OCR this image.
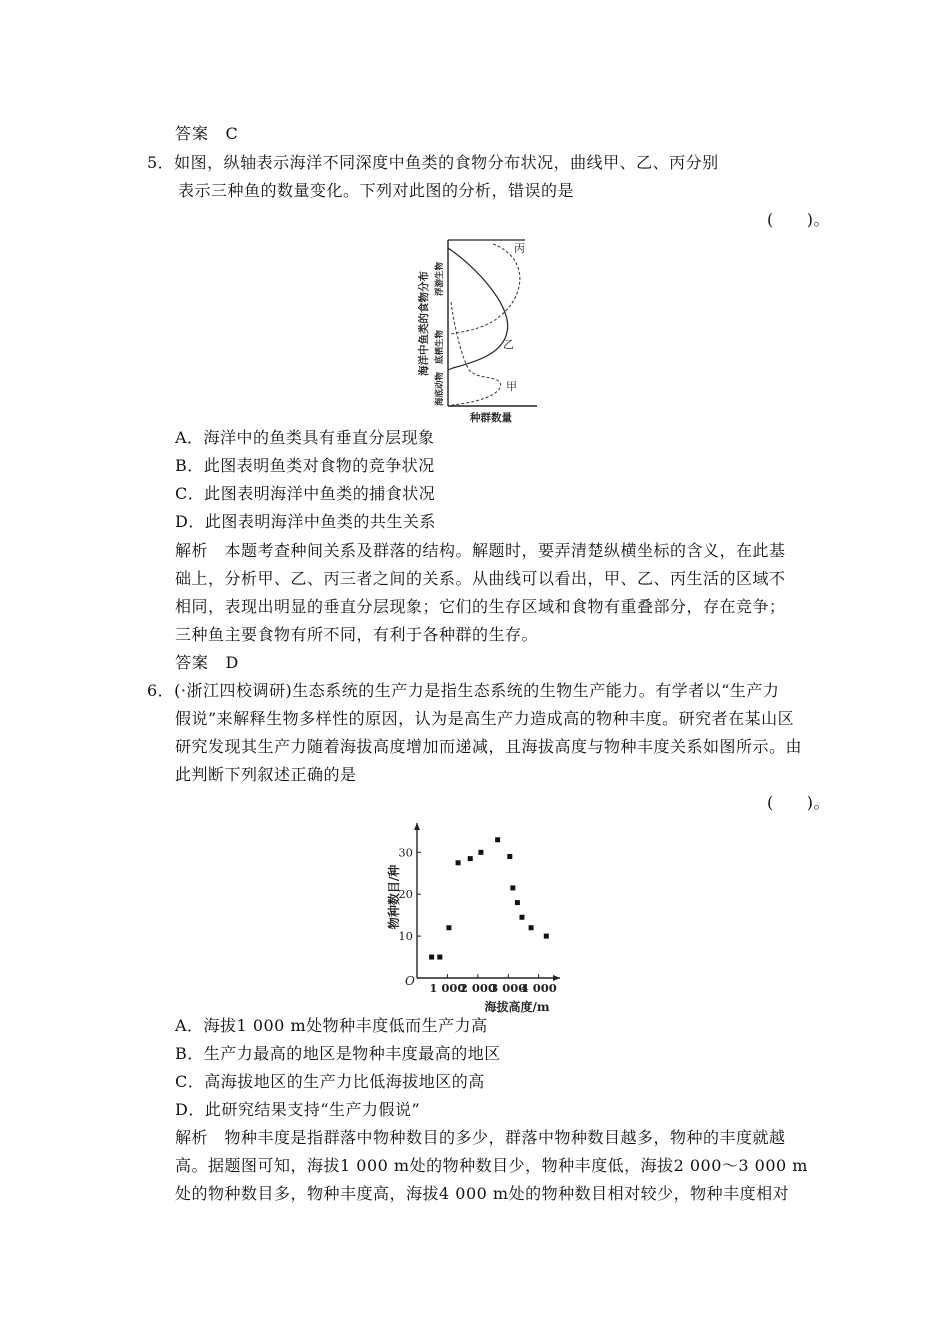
答案　 C
5．如图，纵轴表示海洋不同深度中鱼类的食物分布状况，曲线甲、乙、丙分别
表示三种鱼的数量变化。下列对此图的分析，错误的是
(　　)。
海洋中鱼类的食物分布 浮游生物
底栖生物
海底动物
丙
乙
甲
种群数量
A．海洋中的鱼类具有垂直分层现象
B．此图表明鱼类对食物的竞争状况
C．此图表明海洋中鱼类的捕食状况
D．此图表明海洋中鱼类的共生关系
解析　本题考查种间关系及群落的结构。解题时，要弄清楚纵横坐标的含义，在此基
础上，分析甲、乙、丙三者之间的关系。从曲线可以看出，甲、乙、丙生活的区域不
相同，表现出明显的垂直分层现象；它们的生存区域和食物有重叠部分，存在竞争；
三种鱼主要食物有所不同，有利于各种群的生存。
答案　 D
6．(·浙江四校调研)生态系统的生产力是指生态系统的生物生产能力。有学者以“生产力
假说”来解释生物多样性的原因，认为是高生产力造成高的物种丰度。研究者在某山区
研究发现其生产力随着海拔高度增加而递减，且海拔高度与物种丰度关系如图所示。由
此判断下列叙述正确的是
(　　)。
1 000
2 000
3 000
4 000
10
20
30
物种数目/种
海拔高度/m
O
A．海拔1 000 m处物种丰度低而生产力高
B．生产力最高的地区是物种丰度最高的地区
C．高海拔地区的生产力比低海拔地区的高
D．此研究结果支持“生产力假说”
解析　物种丰度是指群落中物种数目的多少，群落中物种数目越多，物种的丰度就越
高。据题图可知，海拔1 000 m处的物种数目少，物种丰度低，海拔2 000～3 000 m
处的物种数目多，物种丰度高，海拔4 000 m处的物种数目相对较少，物种丰度相对
